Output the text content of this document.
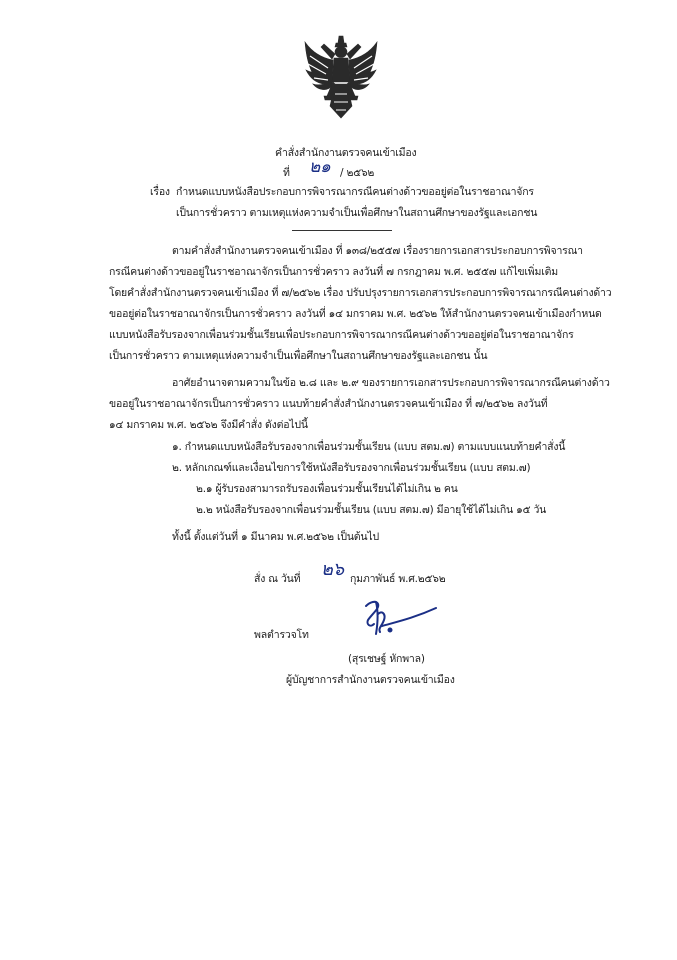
คำสั่งสำนักงานตรวจคนเข้าเมือง
ที่ ๒๑ / ๒๕๖๒
เรื่อง กำหนดแบบหนังสือประกอบการพิจารณากรณีคนต่างด้าวขออยู่ต่อในราชอาณาจักร
เป็นการชั่วคราว ตามเหตุแห่งความจำเป็นเพื่อศึกษาในสถานศึกษาของรัฐและเอกชน
ตามคำสั่งสำนักงานตรวจคนเข้าเมือง ที่ ๑๓๘/๒๕๕๗ เรื่องรายการเอกสารประกอบการพิจารณา
กรณีคนต่างด้าวขออยู่ในราชอาณาจักรเป็นการชั่วคราว ลงวันที่ ๗ กรกฎาคม พ.ศ. ๒๕๕๗ แก้ไขเพิ่มเติม
โดยคำสั่งสำนักงานตรวจคนเข้าเมือง ที่ ๗/๒๕๖๒ เรื่อง ปรับปรุงรายการเอกสารประกอบการพิจารณากรณีคนต่างด้าว
ขออยู่ต่อในราชอาณาจักรเป็นการชั่วคราว ลงวันที่ ๑๔ มกราคม พ.ศ. ๒๕๖๒ ให้สำนักงานตรวจคนเข้าเมืองกำหนด
แบบหนังสือรับรองจากเพื่อนร่วมชั้นเรียนเพื่อประกอบการพิจารณากรณีคนต่างด้าวขออยู่ต่อในราชอาณาจักร
เป็นการชั่วคราว ตามเหตุแห่งความจำเป็นเพื่อศึกษาในสถานศึกษาของรัฐและเอกชน นั้น
อาศัยอำนาจตามความในข้อ ๒.๘ และ ๒.๙ ของรายการเอกสารประกอบการพิจารณากรณีคนต่างด้าว
ขออยู่ในราชอาณาจักรเป็นการชั่วคราว แนบท้ายคำสั่งสำนักงานตรวจคนเข้าเมือง ที่ ๗/๒๕๖๒ ลงวันที่
๑๔ มกราคม พ.ศ. ๒๕๖๒ จึงมีคำสั่ง ดังต่อไปนี้
๑. กำหนดแบบหนังสือรับรองจากเพื่อนร่วมชั้นเรียน (แบบ สตม.๗) ตามแบบแนบท้ายคำสั่งนี้
๒. หลักเกณฑ์และเงื่อนไขการใช้หนังสือรับรองจากเพื่อนร่วมชั้นเรียน (แบบ สตม.๗)
๒.๑ ผู้รับรองสามารถรับรองเพื่อนร่วมชั้นเรียนได้ไม่เกิน ๒ คน
๒.๒ หนังสือรับรองจากเพื่อนร่วมชั้นเรียน (แบบ สตม.๗) มีอายุใช้ได้ไม่เกิน ๑๕ วัน
ทั้งนี้ ตั้งแต่วันที่ ๑ มีนาคม พ.ศ.๒๕๖๒ เป็นต้นไป
สั่ง ณ วันที่ ๒๖ กุมภาพันธ์ พ.ศ.๒๕๖๒
พลตำรวจโท
(สุรเชษฐ์ หักพาล)
ผู้บัญชาการสำนักงานตรวจคนเข้าเมือง
